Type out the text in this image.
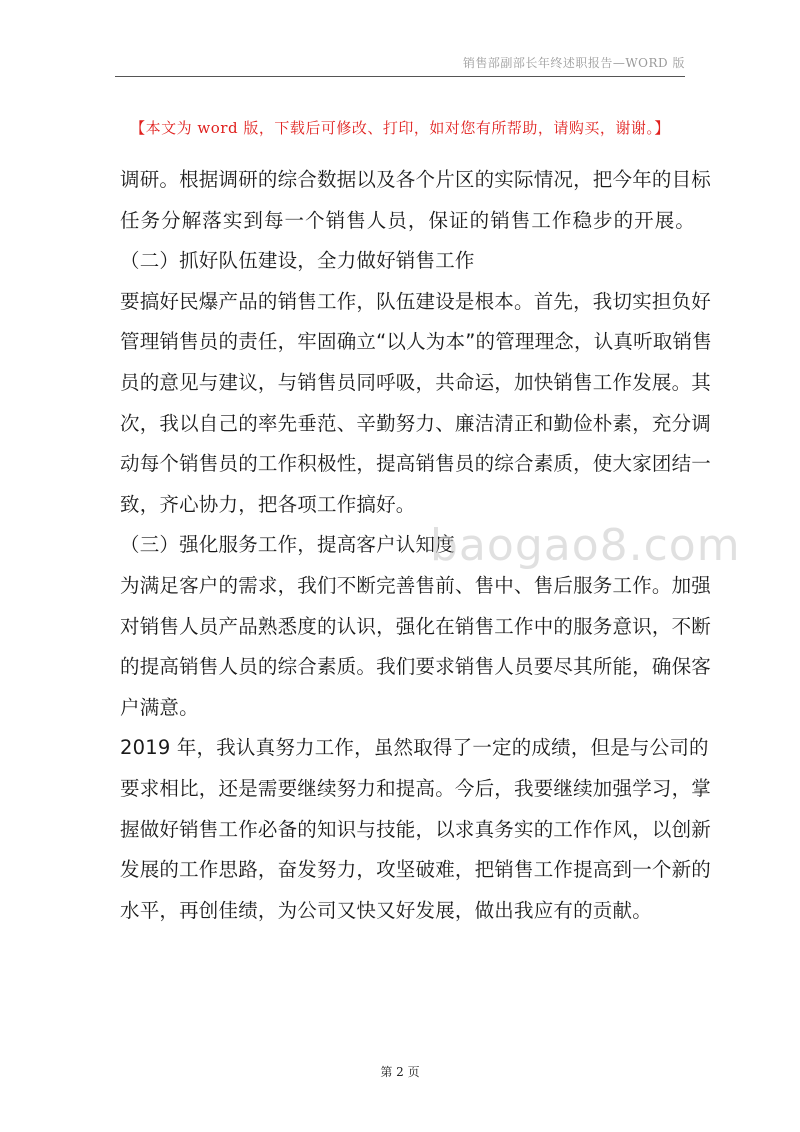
销售部副部长年终述职报告—WORD 版
【本文为 word 版，下载后可修改、打印，如对您有所帮助，请购买，谢谢。】
调研。根据调研的综合数据以及各个片区的实际情况，把今年的目标
任务分解落实到每一个销售人员，保证的销售工作稳步的开展。
（二）抓好队伍建设，全力做好销售工作
要搞好民爆产品的销售工作，队伍建设是根本。首先，我切实担负好
管理销售员的责任，牢固确立“以人为本”的管理理念，认真听取销售
员的意见与建议，与销售员同呼吸，共命运，加快销售工作发展。其
次，我以自己的率先垂范、辛勤努力、廉洁清正和勤俭朴素，充分调
动每个销售员的工作积极性，提高销售员的综合素质，使大家团结一
致，齐心协力，把各项工作搞好。
（三）强化服务工作，提高客户认知度
为满足客户的需求，我们不断完善售前、售中、售后服务工作。加强
对销售人员产品熟悉度的认识，强化在销售工作中的服务意识，不断
的提高销售人员的综合素质。我们要求销售人员要尽其所能，确保客
户满意。
2019 年，我认真努力工作，虽然取得了一定的成绩，但是与公司的
要求相比，还是需要继续努力和提高。今后，我要继续加强学习，掌
握做好销售工作必备的知识与技能，以求真务实的工作作风，以创新
发展的工作思路，奋发努力，攻坚破难，把销售工作提高到一个新的
水平，再创佳绩，为公司又快又好发展，做出我应有的贡献。
baogao8.com
第 2 页
